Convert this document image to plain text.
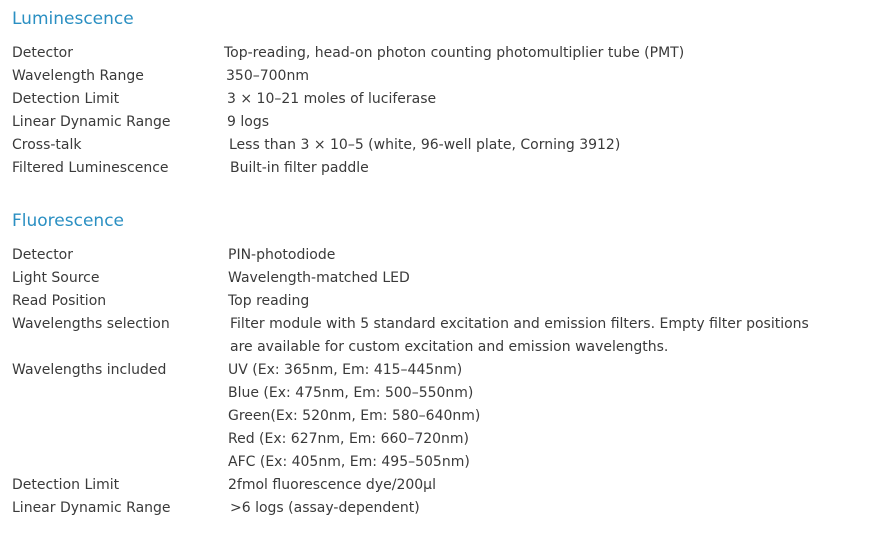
Luminescence
Detector	Top-reading, head-on photon counting photomultiplier tube (PMT)
Wavelength Range	350–700nm
Detection Limit	3 × 10–21 moles of luciferase
Linear Dynamic Range	9 logs
Cross-talk	Less than 3 × 10–5 (white, 96-well plate, Corning 3912)
Filtered Luminescence	Built-in filter paddle
Fluorescence
Detector	PIN-photodiode
Light Source	Wavelength-matched LED
Read Position	Top reading
Wavelengths selection	Filter module with 5 standard excitation and emission filters. Empty filter positions
are available for custom excitation and emission wavelengths.
Wavelengths included	UV (Ex: 365nm, Em: 415–445nm)
Blue (Ex: 475nm, Em: 500–550nm)
Green(Ex: 520nm, Em: 580–640nm)
Red (Ex: 627nm, Em: 660–720nm)
AFC (Ex: 405nm, Em: 495–505nm)
Detection Limit	2fmol fluorescence dye/200µl
Linear Dynamic Range	>6 logs (assay-dependent)
